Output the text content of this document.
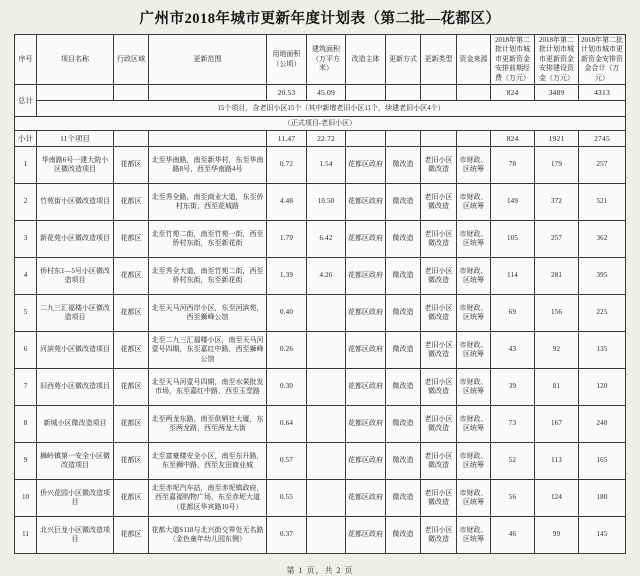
广州市2018年城市更新年度计划表（第二批—花都区）
序号	项目名称	行政区域	更新范围	用地面积（公顷）	建筑面积（万平方米）	改造主体	更新方式	更新类型	资金来源	2018年第二批计划市城市更新资金安排前期经费（万元）	2018年第二批计划市城市更新资金安排建设资金（万元）	2018年第二批计划市城市更新资金安排资金合计（万元）
总计				20.53	45.09					824	3489	4313
	15个项目，含老旧小区15个（其中新增老旧小区11个，续建老旧小区4个）											
（正式项目-老旧小区）												
小计	11个项目			11.47	22.72					824	1921	2745
1	华南路6号一建大院小区微改造项目	花都区	北至华南路，南至新华村，东至华南路8号，西至华南路4号	0.72	1.54	花都区政府	微改造	老旧小区微改造	市财政、区统筹	78	179	257
2	竹苑街小区微改造项目	花都区	北至秀全路，南至商业大道，东至侨村东街，西至花城路	4.48	10.50	花都区政府	微改造	老旧小区微改造	市财政、区统筹	149	372	521
3	新花苑小区微改造项目	花都区	北至竹苑二街，南至竹苑一街，西至侨村东街，东至新花街	1.79	6.42	花都区政府	微改造	老旧小区微改造	市财政、区统筹	105	257	362
4	侨村东1—5号小区微改造项目	花都区	北至秀全大道，南至竹苑二街，西至侨村东街，东至新花街	1.39	4.26	花都区政府	微改造	老旧小区微改造	市财政、区统筹	114	281	395
5	二九三汇福楼小区微改造项目	花都区	北至天马河西岸小区，东至河滨苑，西至狮峰公馆	0.40		花都区政府	微改造	老旧小区微改造	市财政、区统筹	69	156	225
6	河滨苑小区微改造项目	花都区	北至二九三汇福楼小区，南至天马河壹号四期，东至嘉红中路，西至狮峰公馆	0.26		花都区政府	微改造	老旧小区微改造	市财政、区统筹	43	92	135
7	旧西苑小区微改造项目	花都区	北至天马河壹号四期，南至水果批发市场，东至嘉红中路，西至玉堂路	0.30		花都区政府	微改造	老旧小区微改造	市财政、区统筹	39	81	120
8	新城小区微改造项目	花都区	北至两龙东路，南至供销社大厦，东至两龙路，西至两龙大街	0.64		花都区政府	微改造	老旧小区微改造	市财政、区统筹	73	167	240
9	狮岭镇第一安全小区微改造项目	花都区	北至富豪楼安全小区，南至东升路，东至狮中路，西至友田商业城	0.57		花都区政府	微改造	老旧小区微改造	市财政、区统筹	52	113	165
10	侨兴花园小区微改造项目	花都区	北至赤坭汽车站，南至赤坭镇政府，西至嘉福购物广场，东至赤坭大道（花都区华宾路10号）	0.55		花都区政府	微改造	老旧小区微改造	市财政、区统筹	56	124	180
11	北兴巨龙小区微改造项目	花都区	花都大道S118与北兴街交界处无名路（金色童年幼儿园东侧）	0.37		花都区政府	微改造	老旧小区微改造	市财政、区统筹	46	99	145
第 1 页，共 2 页
